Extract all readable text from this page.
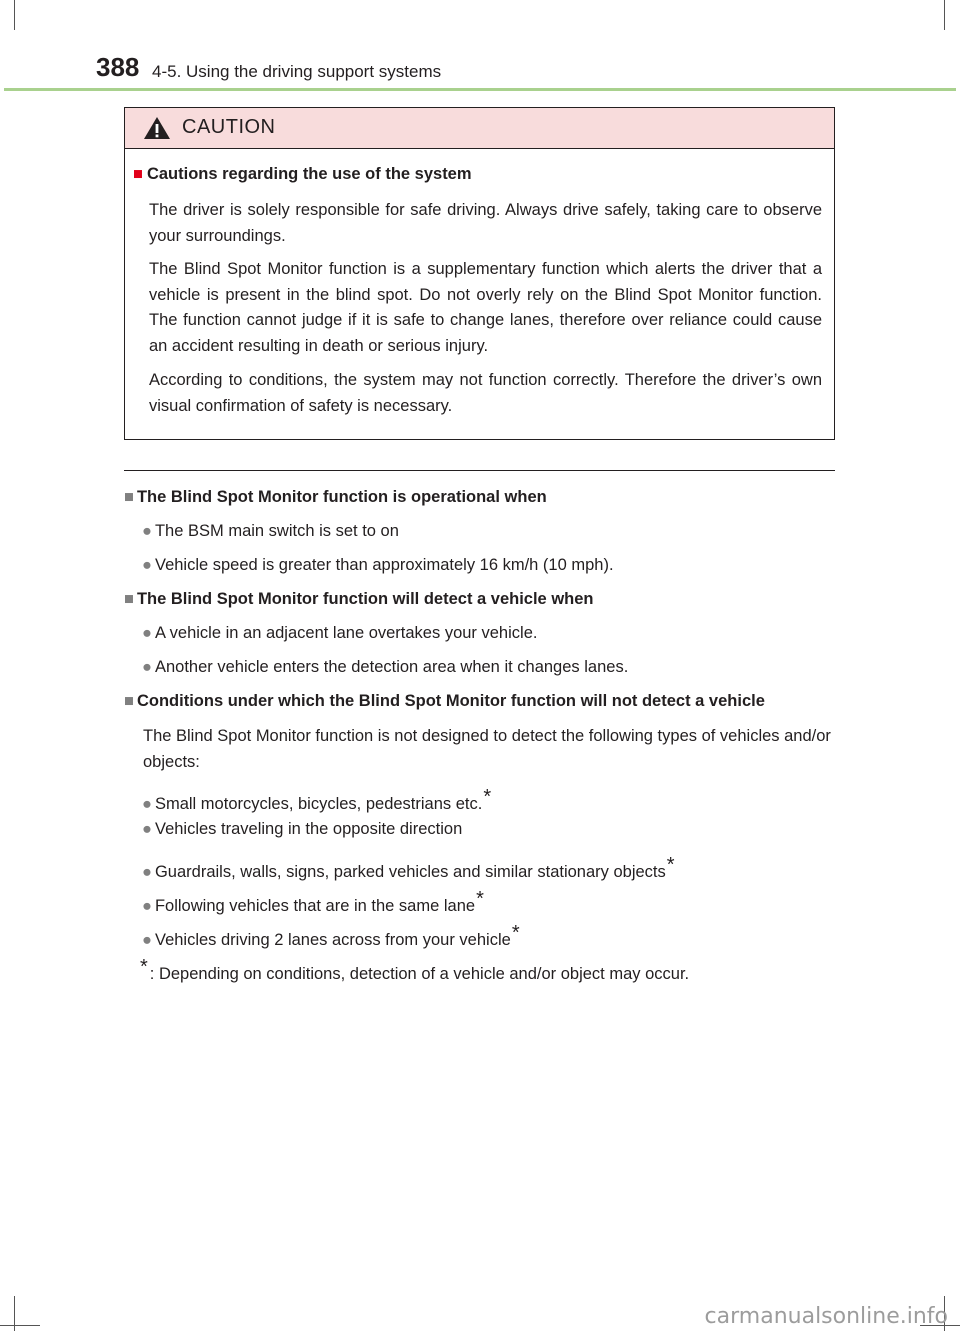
388 4-5. Using the driving support systems
CAUTION
■ Cautions regarding the use of the system
The driver is solely responsible for safe driving. Always drive safely, taking care to observe your surroundings.
The Blind Spot Monitor function is a supplementary function which alerts the driver that a vehicle is present in the blind spot. Do not overly rely on the Blind Spot Monitor function. The function cannot judge if it is safe to change lanes, therefore over reliance could cause an accident resulting in death or serious injury.
According to conditions, the system may not function correctly. Therefore the driver’s own visual confirmation of safety is necessary.
■ The Blind Spot Monitor function is operational when
● The BSM main switch is set to on
● Vehicle speed is greater than approximately 16 km/h (10 mph).
■ The Blind Spot Monitor function will detect a vehicle when
● A vehicle in an adjacent lane overtakes your vehicle.
● Another vehicle enters the detection area when it changes lanes.
■ Conditions under which the Blind Spot Monitor function will not detect a vehicle
The Blind Spot Monitor function is not designed to detect the following types of vehicles and/or objects:
● Small motorcycles, bicycles, pedestrians etc.*
● Vehicles traveling in the opposite direction
● Guardrails, walls, signs, parked vehicles and similar stationary objects*
● Following vehicles that are in the same lane*
● Vehicles driving 2 lanes across from your vehicle*
* : Depending on conditions, detection of a vehicle and/or object may occur.
carmanualsonline.info
